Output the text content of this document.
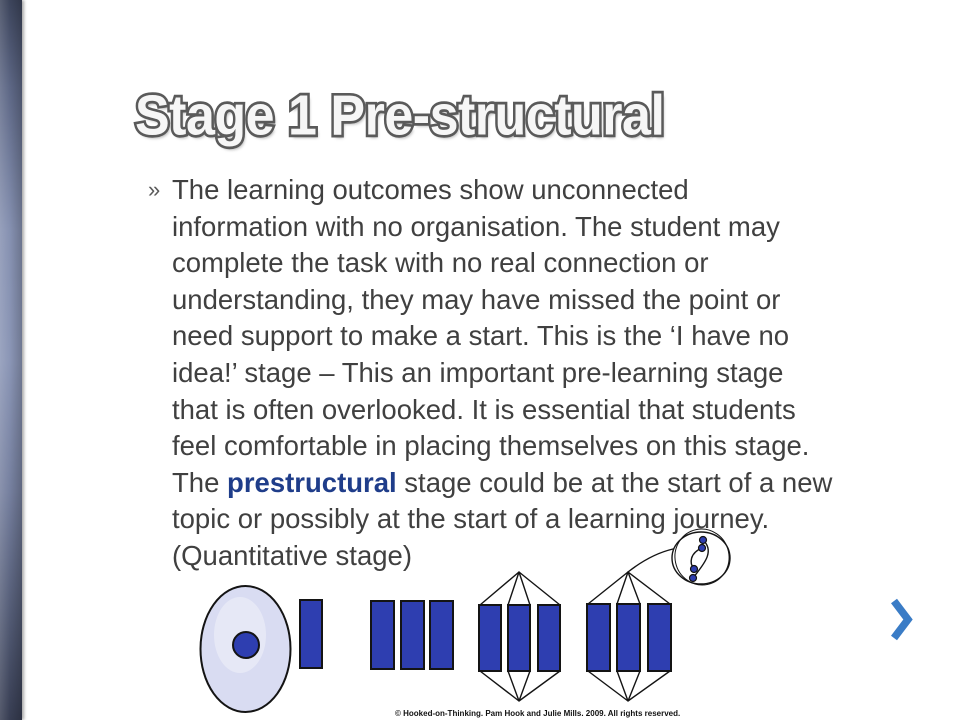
Stage 1 Pre-structural Stage 1 Pre-structural
» The learning outcomes show unconnected
information with no organisation. The student may
complete the task with no real connection or
understanding, they may have missed the point or
need support to make a start. This is the ‘I have no
idea!’ stage – This an important pre-learning stage
that is often overlooked. It is essential that students
feel comfortable in placing themselves on this stage.
The prestructural stage could be at the start of a new
topic or possibly at the start of a learning journey.
(Quantitative stage)
© Hooked-on-Thinking. Pam Hook and Julie Mills. 2009. All rights reserved.
